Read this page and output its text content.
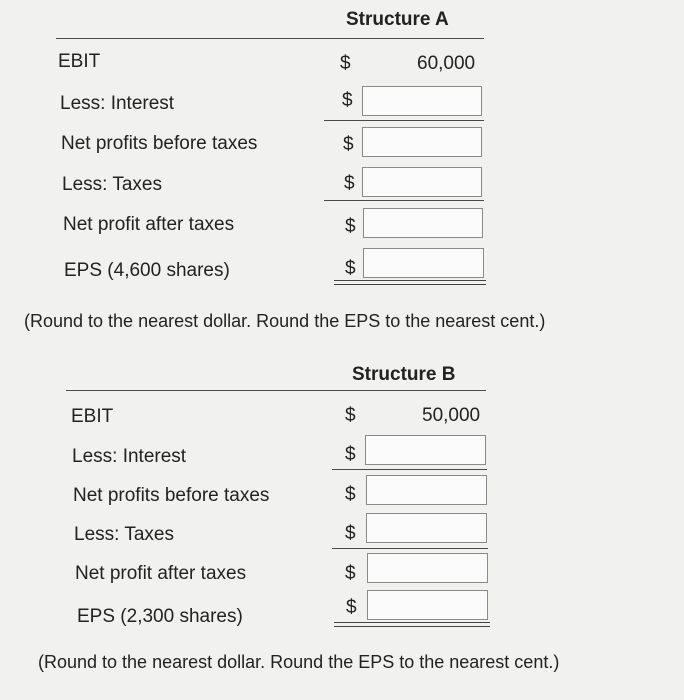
Structure A
EBIT	$	60,000
Less: Interest	$
Net profits before taxes	$
Less: Taxes	$
Net profit after taxes	$
EPS (4,600 shares)	$
(Round to the nearest dollar. Round the EPS to the nearest cent.)
Structure B
EBIT	$	50,000
Less: Interest	$
Net profits before taxes	$
Less: Taxes	$
Net profit after taxes	$
EPS (2,300 shares)	$
(Round to the nearest dollar. Round the EPS to the nearest cent.)
